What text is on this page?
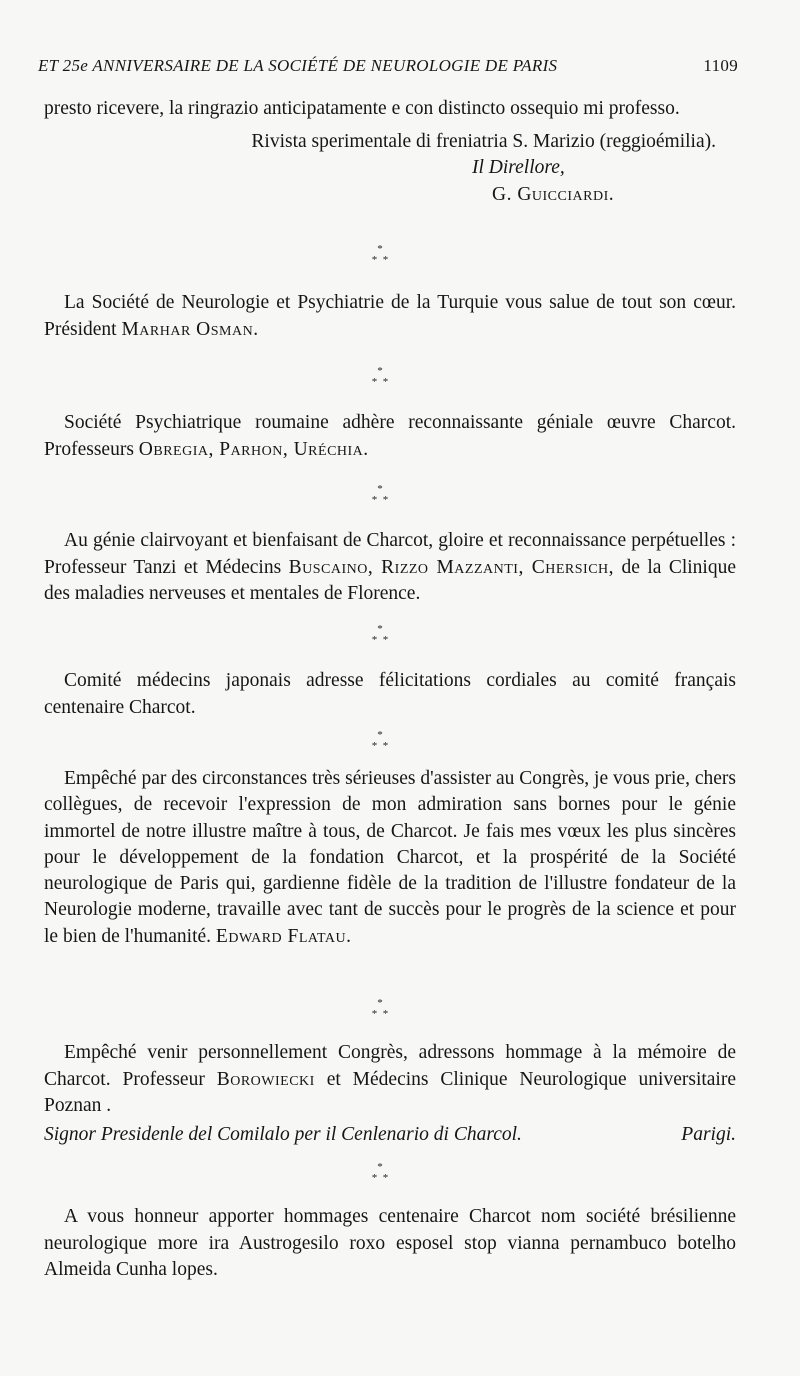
ET 25e ANNIVERSAIRE DE LA SOCIÉTÉ DE NEUROLOGIE DE PARIS	1109

presto ricevere, la ringrazio anticipatamente e con distincto ossequio mi professo.

Rivista sperimentale di freniatria S. Marizio (reggioémilia).

Il Direllore,

G. Guicciardi.

*
* *

La Société de Neurologie et Psychiatrie de la Turquie vous salue de tout son cœur. Président Marhar Osman.

*
* *

Société Psychiatrique roumaine adhère reconnaissante géniale œuvre Charcot. Professeurs Obregia, Parhon, Uréchia.

*
* *

Au génie clairvoyant et bienfaisant de Charcot, gloire et reconnaissance perpétuelles : Professeur Tanzi et Médecins Buscaino, Rizzo Mazzanti, Chersich, de la Clinique des maladies nerveuses et mentales de Florence.

*
* *

Comité médecins japonais adresse félicitations cordiales au comité français centenaire Charcot.

*
* *

Empêché par des circonstances très sérieuses d'assister au Congrès, je vous prie, chers collègues, de recevoir l'expression de mon admiration sans bornes pour le génie immortel de notre illustre maître à tous, de Charcot. Je fais mes vœux les plus sincères pour le développement de la fondation Charcot, et la prospérité de la Société neurologique de Paris qui, gardienne fidèle de la tradition de l'illustre fondateur de la Neurologie moderne, travaille avec tant de succès pour le progrès de la science et pour le bien de l'humanité. Edward Flatau.

*
* *

Empêché venir personnellement Congrès, adressons hommage à la mémoire de Charcot. Professeur Borowiecki et Médecins Clinique Neurologique universitaire Poznan .

Signor Presidenle del Comilalo per il Cenlenario di Charcol.	Parigi.

*
* *

A vous honneur apporter hommages centenaire Charcot nom société brésilienne neurologique more ira Austrogesilo roxo esposel stop vianna pernambuco botelho Almeida Cunha lopes.
